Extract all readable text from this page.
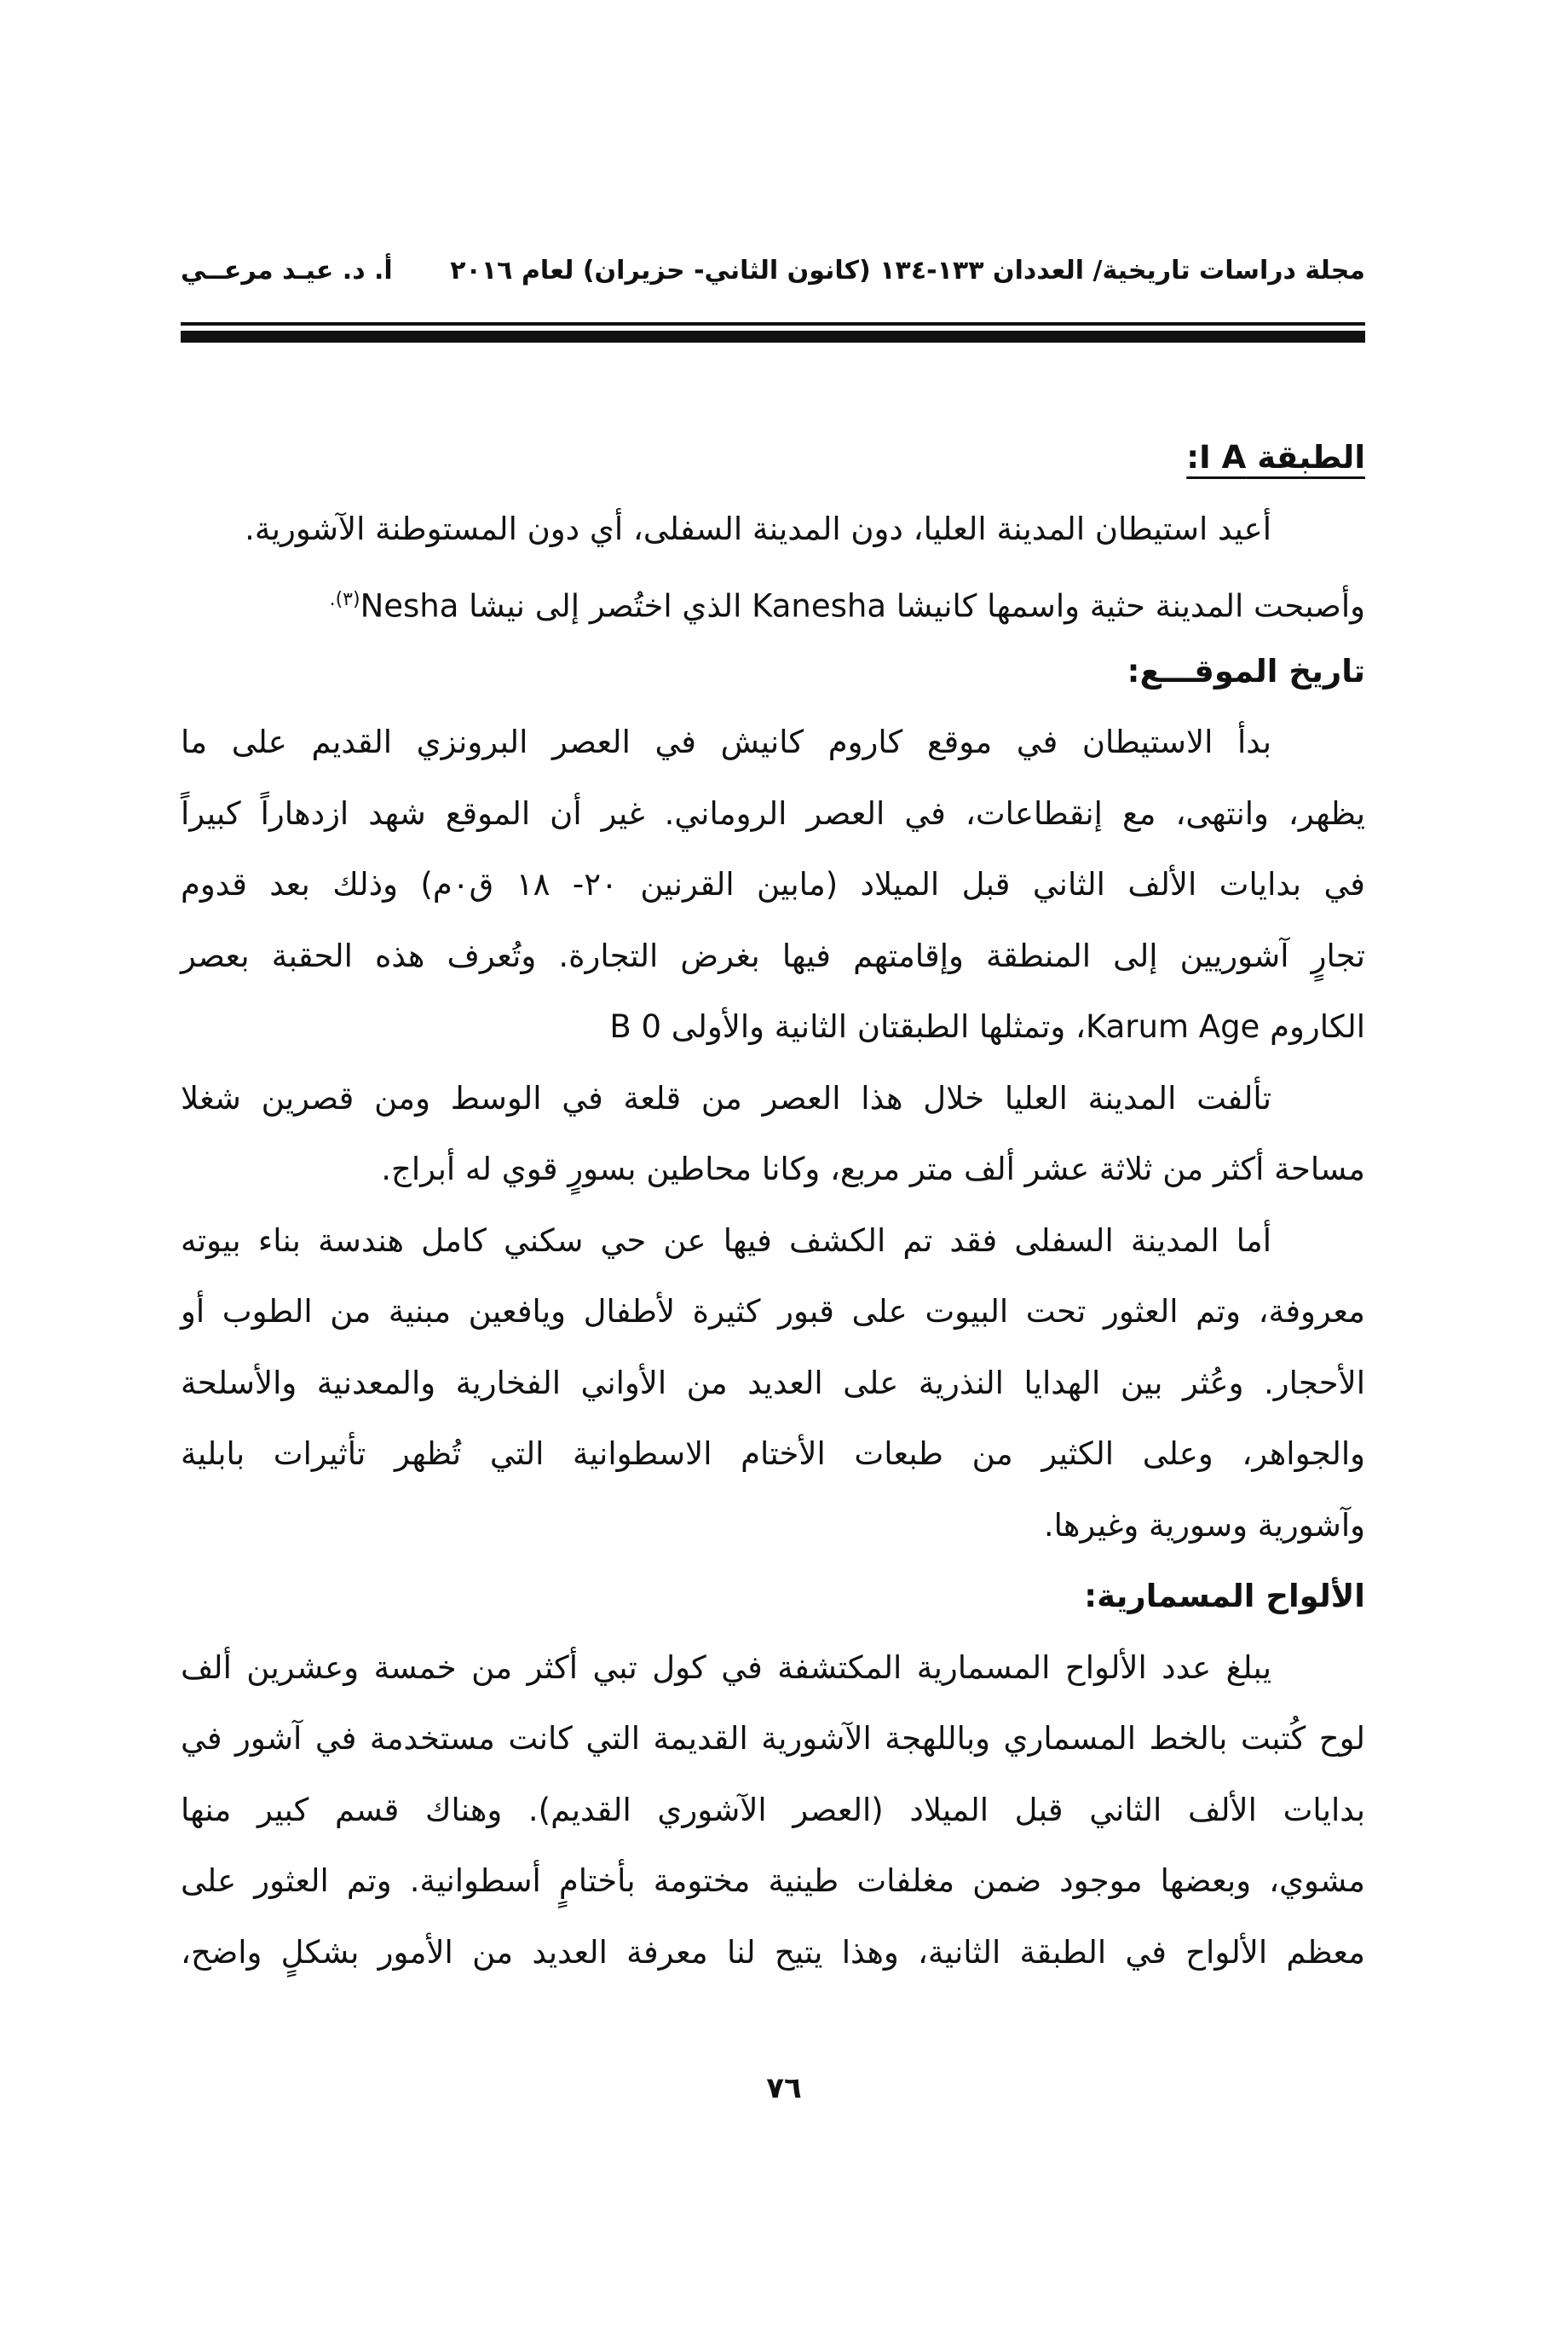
مجلة دراسات تاريخية/ العددان ١٣٣-١٣٤ (كانون الثاني- حزيران) لعام ٢٠١٦
أ. د. عيـد مرعــي
الطبقة I A:
أعيد استيطان المدينة العليا، دون المدينة السفلى، أي دون المستوطنة الآشورية.
وأصبحت المدينة حثية واسمها كانيشا Kanesha الذي اختُصر إلى نيشا Nesha$^{(٣).}$
تاريخ الموقـــع:
بدأ الاستيطان في موقع كاروم كانيش في العصر البرونزي القديم على ما
يظهر، وانتهى، مع إنقطاعات، في العصر الروماني. غير أن الموقع شهد ازدهاراً كبيراً
في بدايات الألف الثاني قبل الميلاد (مابين القرنين ٢٠- ١٨ ق٠م) وذلك بعد قدوم
تجارٍ آشوريين إلى المنطقة وإقامتهم فيها بغرض التجارة. وتُعرف هذه الحقبة بعصر
الكاروم Karum Age، وتمثلها الطبقتان الثانية والأولى B 0
تألفت المدينة العليا خلال هذا العصر من قلعة في الوسط ومن قصرين شغلا
مساحة أكثر من ثلاثة عشر ألف متر مربع، وكانا محاطين بسورٍ قوي له أبراج.
أما المدينة السفلى فقد تم الكشف فيها عن حي سكني كامل هندسة بناء بيوته
معروفة، وتم العثور تحت البيوت على قبور كثيرة لأطفال ويافعين مبنية من الطوب أو
الأحجار. وعُثر بين الهدايا النذرية على العديد من الأواني الفخارية والمعدنية والأسلحة
والجواهر، وعلى الكثير من طبعات الأختام الاسطوانية التي تُظهر تأثيرات بابلية
وآشورية وسورية وغيرها.
الألواح المسمارية:
يبلغ عدد الألواح المسمارية المكتشفة في كول تبي أكثر من خمسة وعشرين ألف
لوح كُتبت بالخط المسماري وباللهجة الآشورية القديمة التي كانت مستخدمة في آشور في
بدايات الألف الثاني قبل الميلاد (العصر الآشوري القديم). وهناك قسم كبير منها
مشوي، وبعضها موجود ضمن مغلفات طينية مختومة بأختامٍ أسطوانية. وتم العثور على
معظم الألواح في الطبقة الثانية، وهذا يتيح لنا معرفة العديد من الأمور بشكلٍ واضح،
٧٦
